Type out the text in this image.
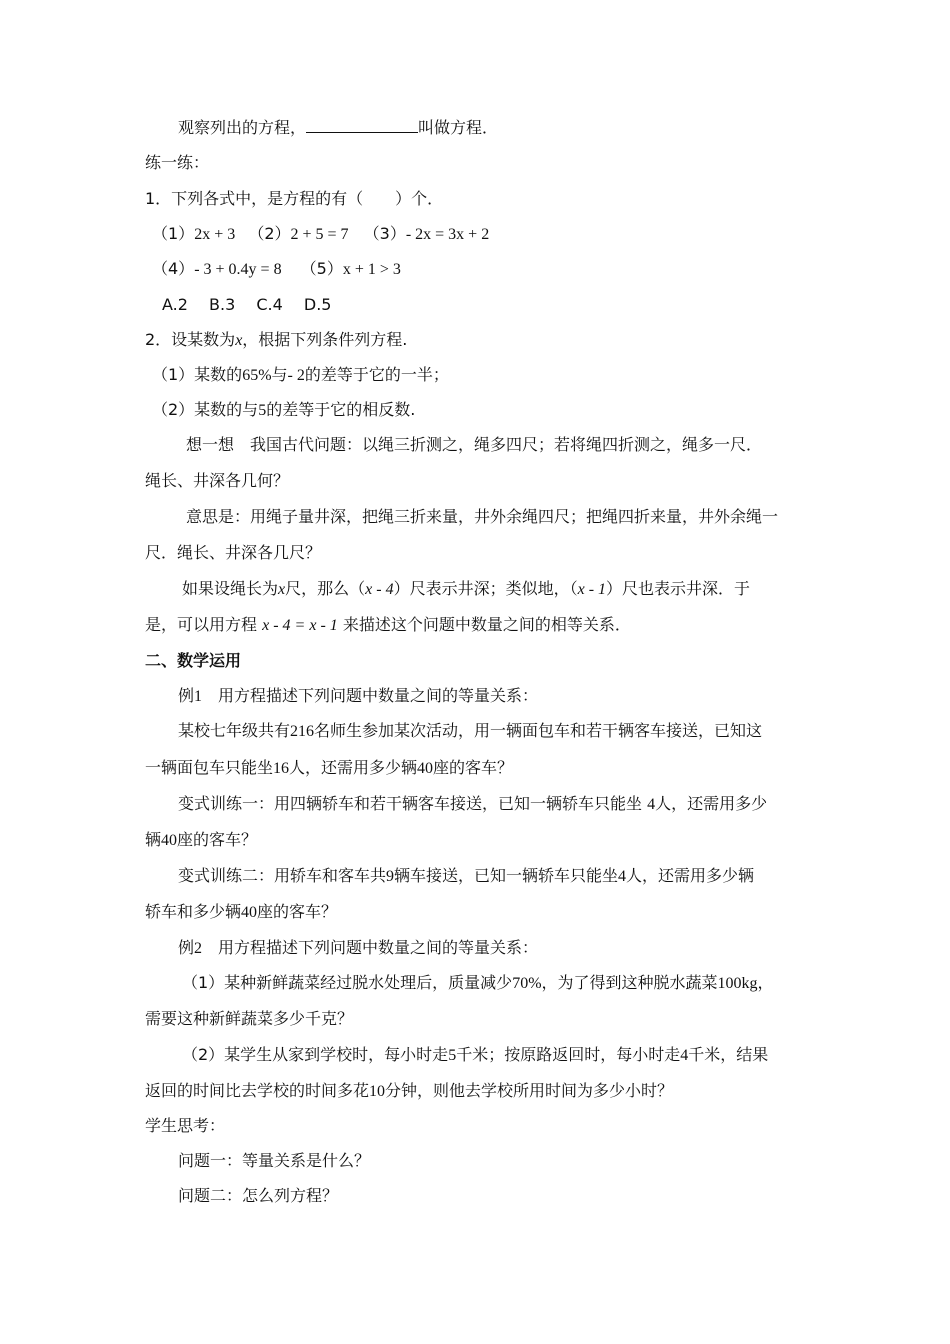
观察列出的方程，	叫做方程．
练一练：
1．下列各式中，是方程的有（　　）个．
（1）2x + 3 （2）2 + 5 = 7 （3）- 2x = 3x + 2
（4）- 3 + 0.4y = 8 （5）x + 1 > 3
A.2　 B.3　 C.4　 D.5
2．设某数为x，根据下列条件列方程.
（1）某数的65%与- 2的差等于它的一半；
（2）某数的与5的差等于它的相反数.
想一想　我国古代问题：以绳三折测之，绳多四尺；若将绳四折测之，绳多一尺．
绳长、井深各几何？
意思是：用绳子量井深，把绳三折来量，井外余绳四尺；把绳四折来量，井外余绳一
尺．绳长、井深各几尺？
如果设绳长为x尺，那么（x - 4）尺表示井深；类似地，（x - 1）尺也表示井深．于
是，可以用方程 x - 4 = x - 1 来描述这个问题中数量之间的相等关系．
二、数学运用
例1　用方程描述下列问题中数量之间的等量关系：
某校七年级共有216名师生参加某次活动，用一辆面包车和若干辆客车接送，已知这
一辆面包车只能坐16人，还需用多少辆40座的客车？
变式训练一：用四辆轿车和若干辆客车接送，已知一辆轿车只能坐 4人，还需用多少
辆40座的客车？
变式训练二：用轿车和客车共9辆车接送，已知一辆轿车只能坐4人，还需用多少辆
轿车和多少辆40座的客车？
例2　用方程描述下列问题中数量之间的等量关系：
（1）某种新鲜蔬菜经过脱水处理后，质量减少70%，为了得到这种脱水蔬菜100kg，
需要这种新鲜蔬菜多少千克？
（2）某学生从家到学校时，每小时走5千米；按原路返回时，每小时走4千米，结果
返回的时间比去学校的时间多花10分钟，则他去学校所用时间为多少小时？
学生思考：
问题一：等量关系是什么？
问题二：怎么列方程？
